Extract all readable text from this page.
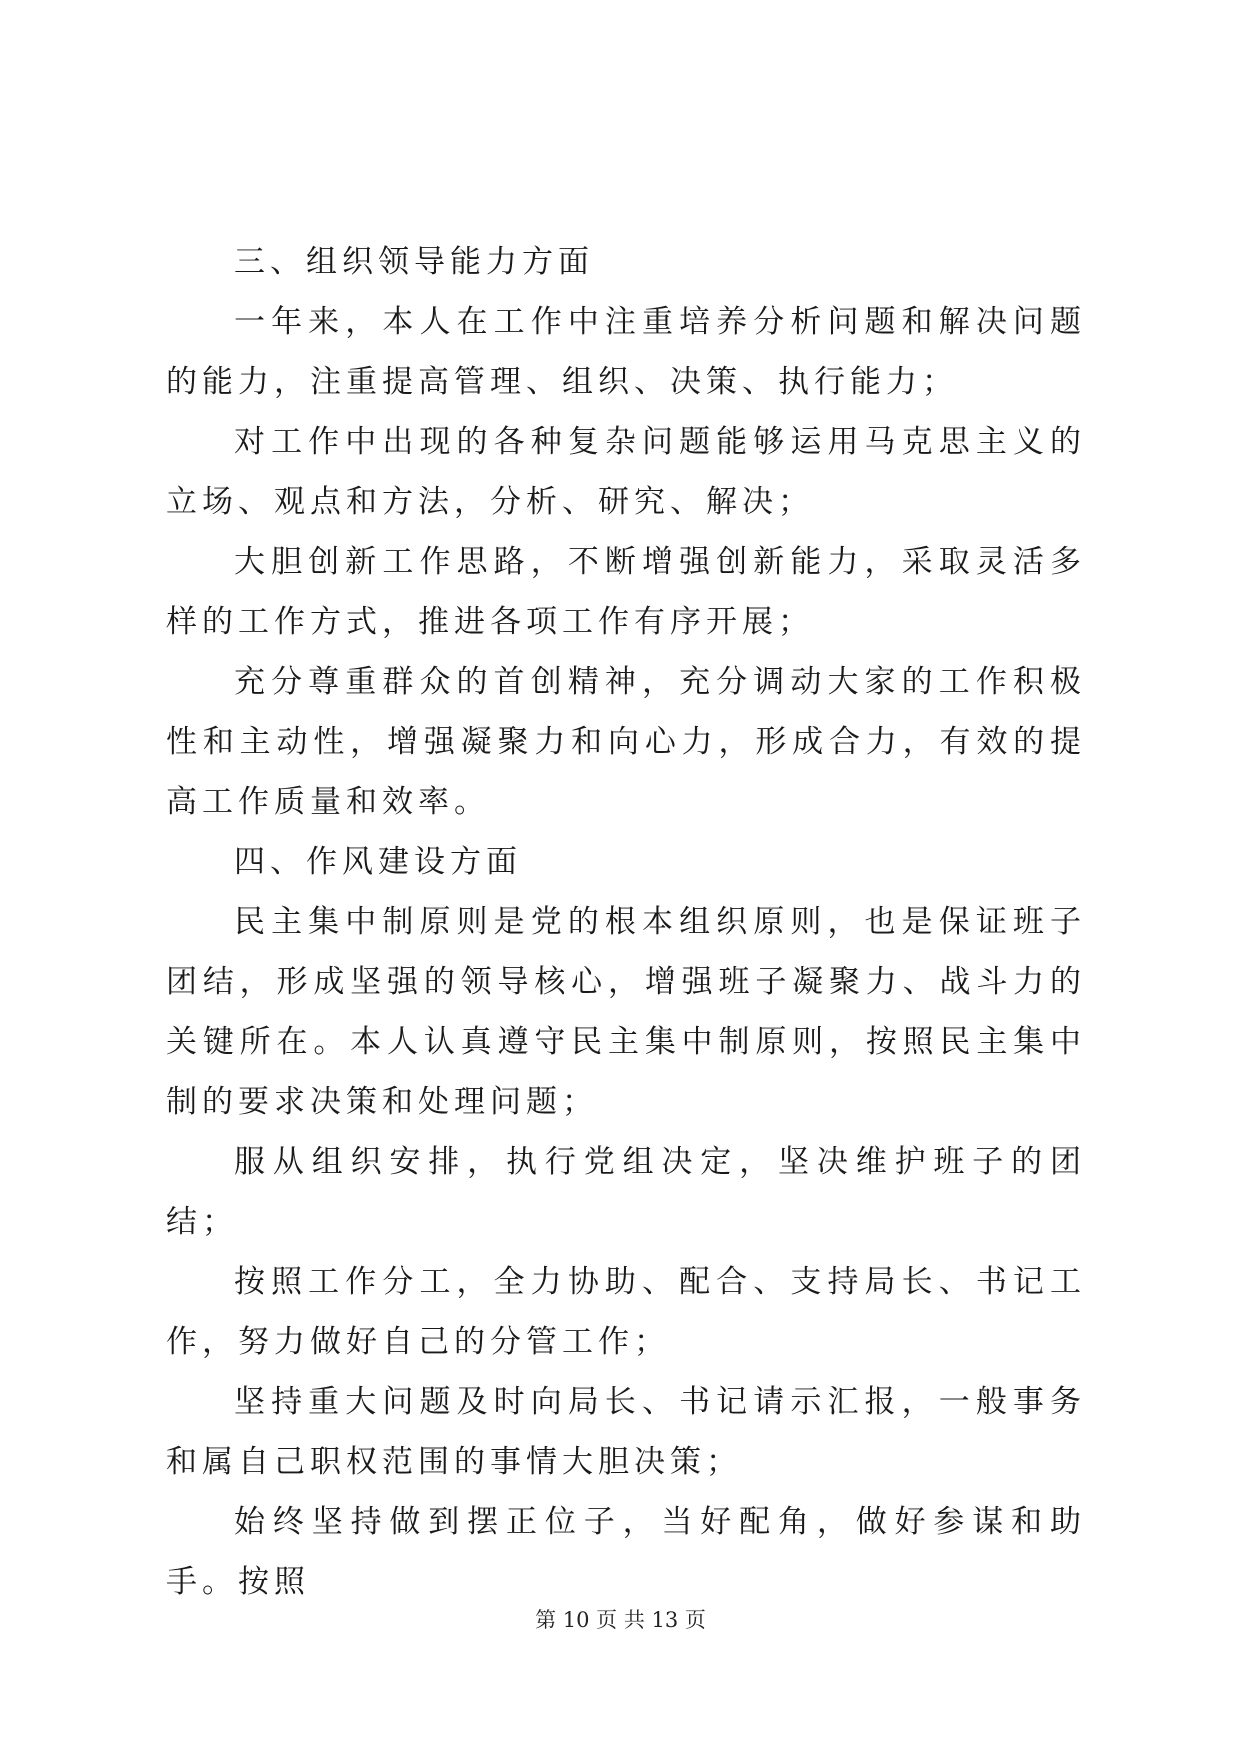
三、组织领导能力方面

一年来，本人在工作中注重培养分析问题和解决问题的能力，注重提高管理、组织、决策、执行能力；

对工作中出现的各种复杂问题能够运用马克思主义的立场、观点和方法，分析、研究、解决；

大胆创新工作思路，不断增强创新能力，采取灵活多样的工作方式，推进各项工作有序开展；

充分尊重群众的首创精神，充分调动大家的工作积极性和主动性，增强凝聚力和向心力，形成合力，有效的提高工作质量和效率。

四、作风建设方面

民主集中制原则是党的根本组织原则，也是保证班子团结，形成坚强的领导核心，增强班子凝聚力、战斗力的关键所在。本人认真遵守民主集中制原则，按照民主集中制的要求决策和处理问题；

服从组织安排，执行党组决定，坚决维护班子的团结；

按照工作分工，全力协助、配合、支持局长、书记工作，努力做好自己的分管工作；

坚持重大问题及时向局长、书记请示汇报，一般事务和属自己职权范围的事情大胆决策；

始终坚持做到摆正位子，当好配角，做好参谋和助手。按照

第 10 页 共 13 页
